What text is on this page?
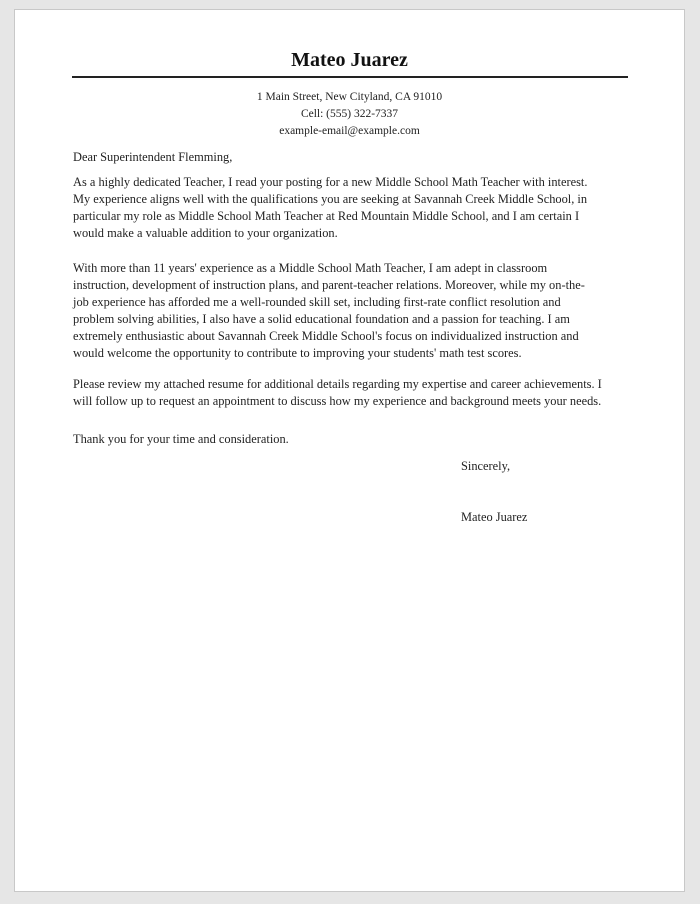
Mateo Juarez
1 Main Street, New Cityland, CA 91010
Cell: (555) 322-7337
example-email@example.com
Dear Superintendent Flemming,
As a highly dedicated Teacher, I read your posting for a new Middle School Math Teacher with interest.
My experience aligns well with the qualifications you are seeking at Savannah Creek Middle School, in
particular my role as Middle School Math Teacher at Red Mountain Middle School, and I am certain I
would make a valuable addition to your organization.
With more than 11 years' experience as a Middle School Math Teacher, I am adept in classroom
instruction, development of instruction plans, and parent-teacher relations. Moreover, while my on-the-
job experience has afforded me a well-rounded skill set, including first-rate conflict resolution and
problem solving abilities, I also have a solid educational foundation and a passion for teaching. I am
extremely enthusiastic about Savannah Creek Middle School's focus on individualized instruction and
would welcome the opportunity to contribute to improving your students' math test scores.
Please review my attached resume for additional details regarding my expertise and career achievements. I
will follow up to request an appointment to discuss how my experience and background meets your needs.
Thank you for your time and consideration.
Sincerely,
Mateo Juarez
